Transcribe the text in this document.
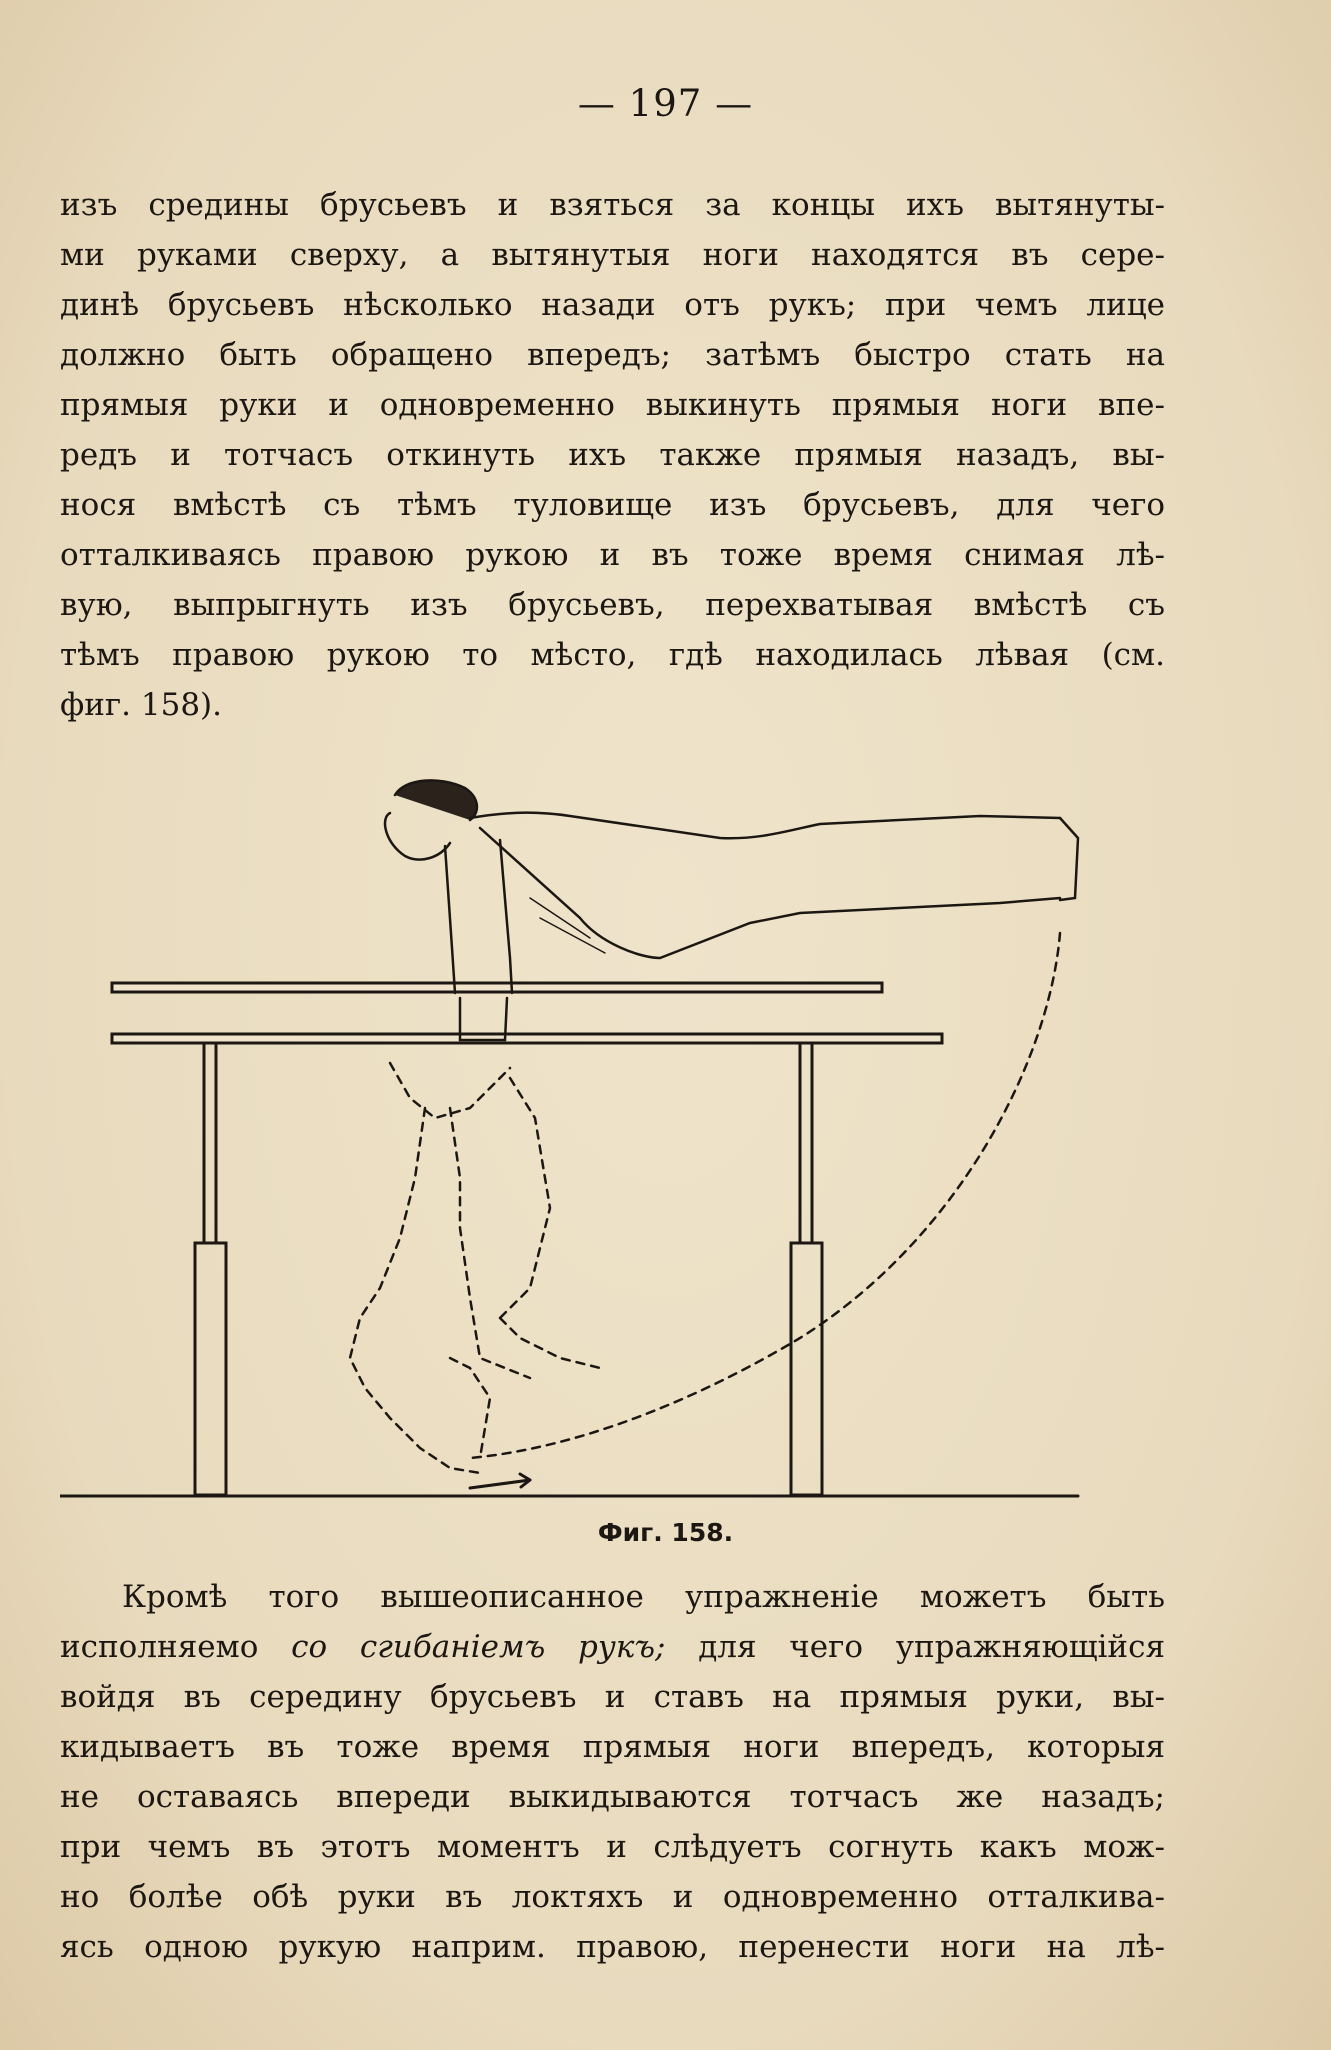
— 197 —
изъ средины брусьевъ и взяться за концы ихъ вытянуты-
ми руками сверху, а вытянутыя ноги находятся въ сере-
динѣ брусьевъ нѣсколько назади отъ рукъ; при чемъ лице
должно быть обращено впередъ; затѣмъ быстро стать на
прямыя руки и одновременно выкинуть прямыя ноги впе-
редъ и тотчасъ откинуть ихъ также прямыя назадъ, вы-
нося вмѣстѣ съ тѣмъ туловище изъ брусьевъ, для чего
отталкиваясь правою рукою и въ тоже время снимая лѣ-
вую, выпрыгнуть изъ брусьевъ, перехватывая вмѣстѣ съ
тѣмъ правою рукою то мѣсто, гдѣ находилась лѣвая (см.
фиг. 158).
Фиг. 158.
Кромѣ того вышеописанное упражненіе можетъ быть
исполняемо со сгибаніемъ рукъ; для чего упражняющійся
войдя въ середину брусьевъ и ставъ на прямыя руки, вы-
кидываетъ въ тоже время прямыя ноги впередъ, которыя
не оставаясь впереди выкидываются тотчасъ же назадъ;
при чемъ въ этотъ моментъ и слѣдуетъ согнуть какъ мож-
но болѣе обѣ руки въ локтяхъ и одновременно отталкива-
ясь одною рукую наприм. правою, перенести ноги на лѣ-
